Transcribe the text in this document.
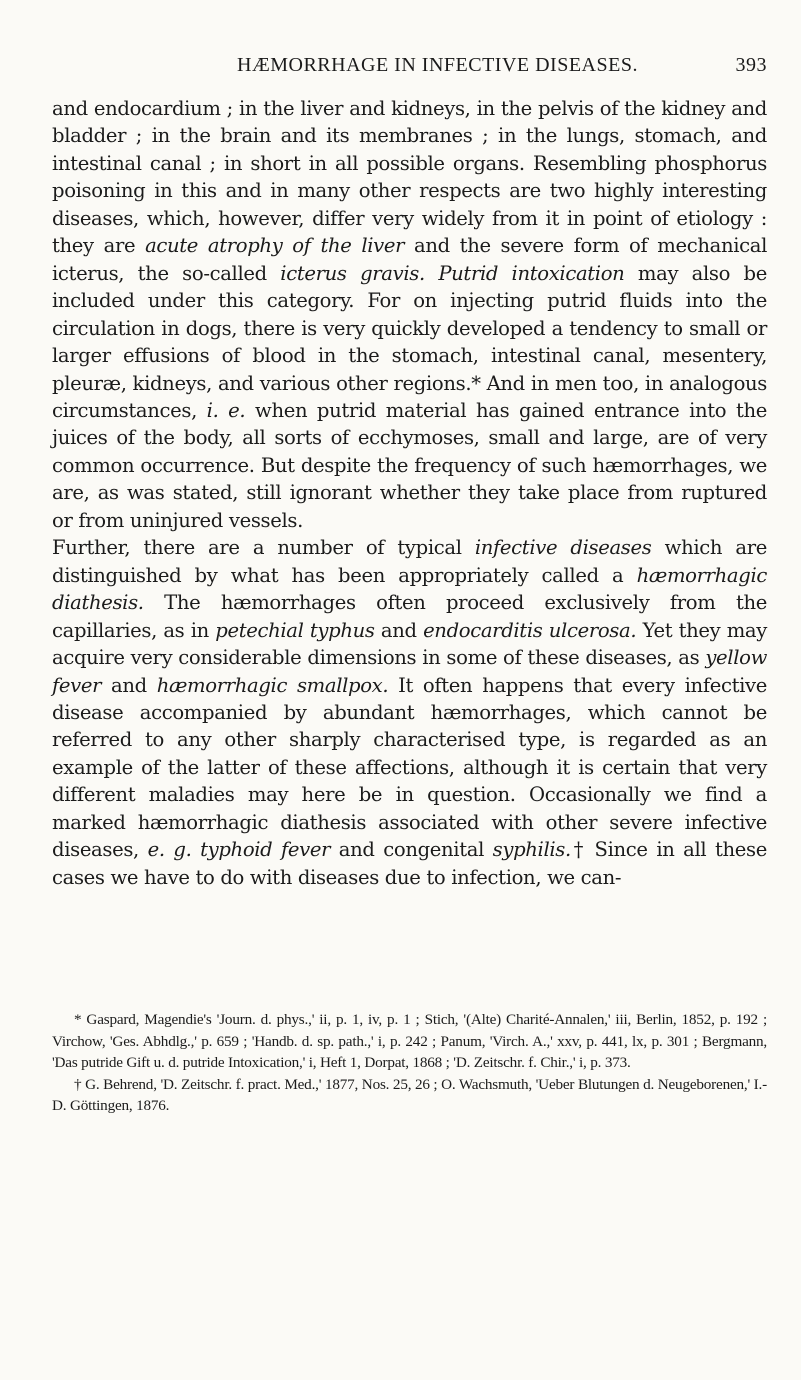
HÆMORRHAGE IN INFECTIVE DISEASES.	393

and endocardium ; in the liver and kidneys, in the pelvis of the kidney and bladder ; in the brain and its membranes ; in the lungs, stomach, and intestinal canal ; in short in all possible organs. Resembling phosphorus poisoning in this and in many other respects are two highly interesting diseases, which, however, differ very widely from it in point of etiology : they are acute atrophy of the liver and the severe form of mechanical icterus, the so-called icterus gravis. Putrid intoxication may also be included under this category. For on injecting putrid fluids into the circulation in dogs, there is very quickly developed a tendency to small or larger effusions of blood in the stomach, intestinal canal, mesentery, pleuræ, kidneys, and various other regions.* And in men too, in analogous circumstances, i. e. when putrid material has gained entrance into the juices of the body, all sorts of ecchymoses, small and large, are of very common occurrence. But despite the frequency of such hæmorrhages, we are, as was stated, still ignorant whether they take place from ruptured or from uninjured vessels.

Further, there are a number of typical infective diseases which are distinguished by what has been appropriately called a hæmorrhagic diathesis. The hæmorrhages often proceed exclusively from the capillaries, as in petechial typhus and endocarditis ulcerosa. Yet they may acquire very considerable dimensions in some of these diseases, as yellow fever and hæmorrhagic smallpox. It often happens that every infective disease accompanied by abundant hæmorrhages, which cannot be referred to any other sharply characterised type, is regarded as an example of the latter of these affections, although it is certain that very different maladies may here be in question. Occasionally we find a marked hæmorrhagic diathesis associated with other severe infective diseases, e. g. typhoid fever and congenital syphilis.† Since in all these cases we have to do with diseases due to infection, we can-

* Gaspard, Magendie's 'Journ. d. phys.,' ii, p. 1, iv, p. 1 ; Stich, '(Alte) Charité-Annalen,' iii, Berlin, 1852, p. 192 ; Virchow, 'Ges. Abhdlg.,' p. 659 ; 'Handb. d. sp. path.,' i, p. 242 ; Panum, 'Virch. A.,' xxv, p. 441, lx, p. 301 ; Bergmann, 'Das putride Gift u. d. putride Intoxication,' i, Heft 1, Dorpat, 1868 ; 'D. Zeitschr. f. Chir.,' i, p. 373.

† G. Behrend, 'D. Zeitschr. f. pract. Med.,' 1877, Nos. 25, 26 ; O. Wachsmuth, 'Ueber Blutungen d. Neugeborenen,' I.-D. Göttingen, 1876.
